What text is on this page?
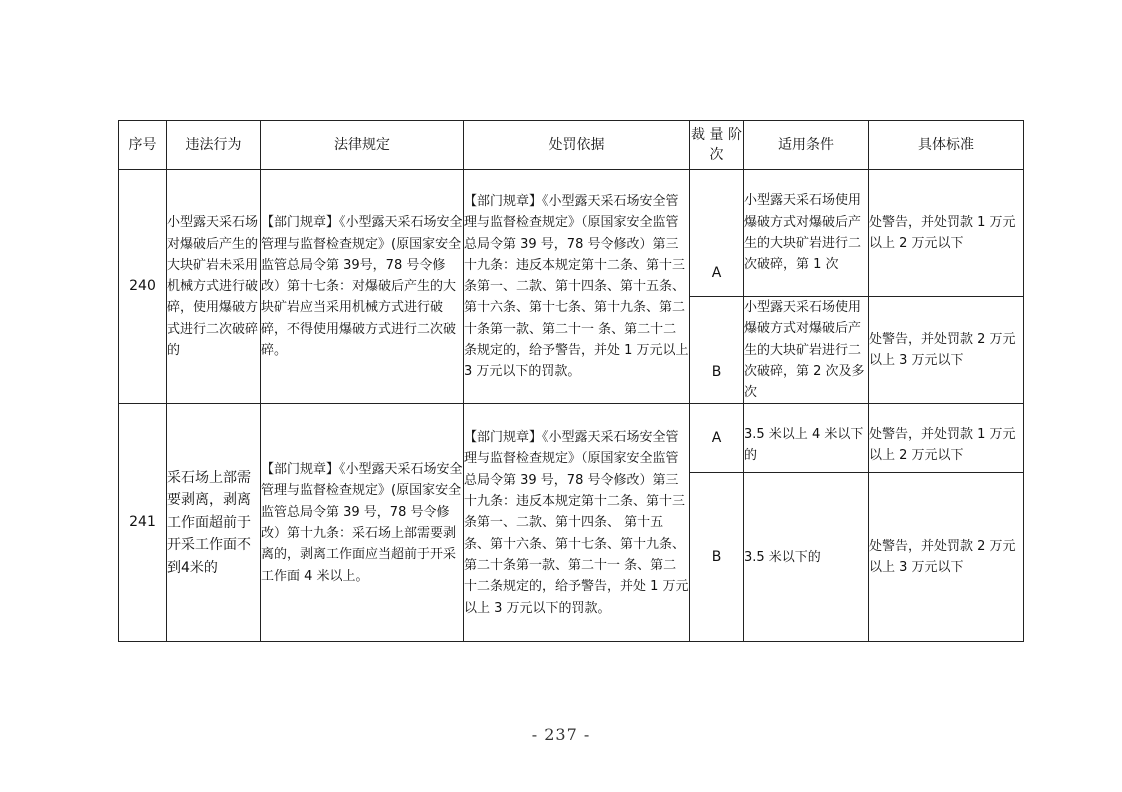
序号	违法行为	法律规定	处罚依据	裁 量 阶次	适用条件	具体标准
240	小型露天采石场对爆破后产生的大块矿岩未采用机械方式进行破碎，使用爆破方式进行二次破碎的	【部门规章】《小型露天采石场安全管理与监督检查规定》(原国家安全监管总局令第 39号，78 号令修改）第十七条：对爆破后产生的大块矿岩应当采用机械方式进行破碎，不得使用爆破方式进行二次破碎。	【部门规章】《小型露天采石场安全管理与监督检查规定》（原国家安全监管总局令第 39 号，78 号令修改）第三十九条：违反本规定第十二条、第十三条第一、二款、第十四条、第十五条、第十六条、第十七条、第十九条、第二十条第一款、第二十一 条、第二十二条规定的，给予警告，并处 1 万元以上 3 万元以下的罚款。	A	小型露天采石场使用爆破方式对爆破后产生的大块矿岩进行二次破碎，第 1 次	处警告，并处罚款 1 万元以上 2 万元以下
				B	小型露天采石场使用爆破方式对爆破后产生的大块矿岩进行二次破碎，第 2 次及多次	处警告，并处罚款 2 万元以上 3 万元以下
241	采石场上部需要剥离，剥离工作面超前于开采工作面不到4米的	【部门规章】《小型露天采石场安全管理与监督检查规定》(原国家安全监管总局令第 39 号，78 号令修改）第十九条：采石场上部需要剥离的，剥离工作面应当超前于开采工作面 4 米以上。	【部门规章】《小型露天采石场安全管理与监督检查规定》（原国家安全监管总局令第 39 号，78 号令修改）第三十九条：违反本规定第十二条、第十三条第一、二款、第十四条、 第十五条、第十六条、第十七条、第十九条、第二十条第一款、第二十一 条、第二十二条规定的，给予警告，并处 1 万元以上 3 万元以下的罚款。	A	3.5 米以上 4 米以下的	处警告，并处罚款 1 万元以上 2 万元以下
				B	3.5 米以下的	处警告，并处罚款 2 万元以上 3 万元以下
- 237 -
